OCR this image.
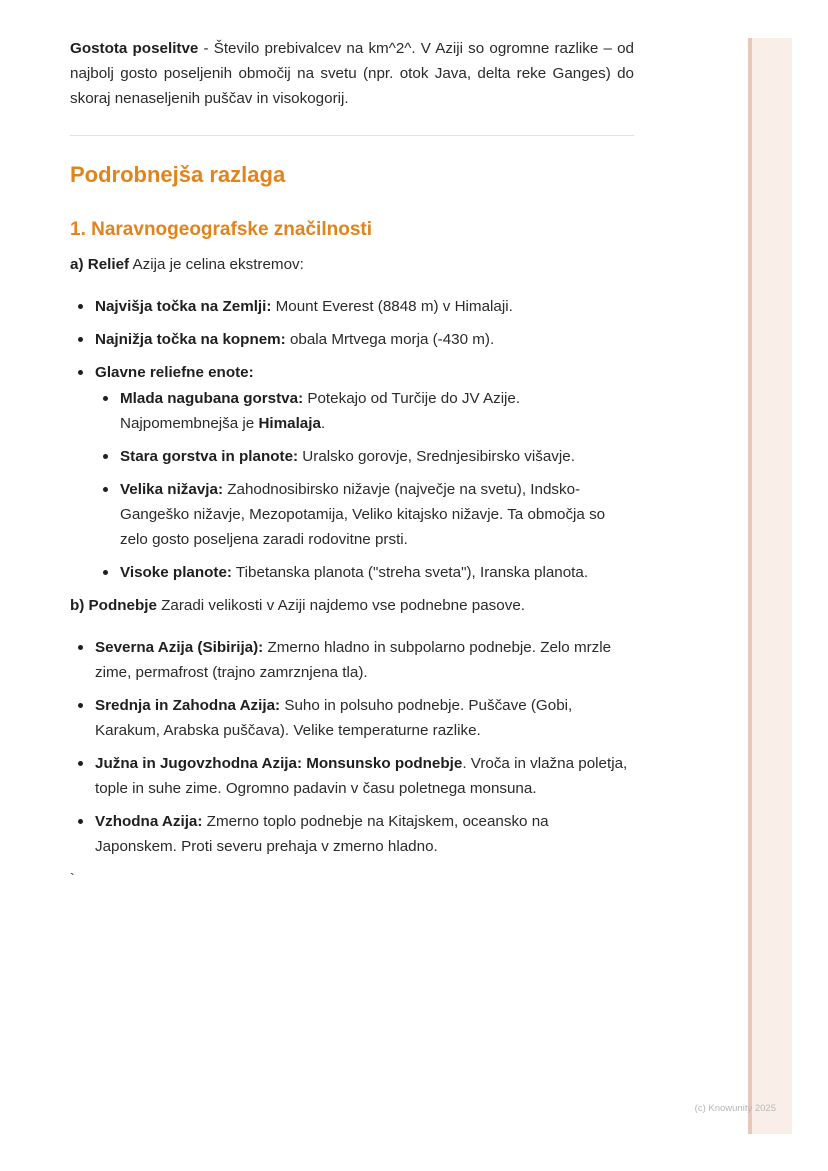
Gostota poselitve - Število prebivalcev na km^2^. V Aziji so ogromne razlike – od najbolj gosto poseljenih območij na svetu (npr. otok Java, delta reke Ganges) do skoraj nenaseljenih puščav in visokogorij.

Podrobnejša razlaga
1. Naravnogeografske značilnosti

a) Relief Azija je celina ekstremov:

Najvišja točka na Zemlji: Mount Everest (8848 m) v Himalaji.
Najnižja točka na kopnem: obala Mrtvega morja (-430 m).
Glavne reliefne enote:
Mlada nagubana gorstva: Potekajo od Turčije do JV Azije. Najpomembnejša je Himalaja.
Stara gorstva in planote: Uralsko gorovje, Srednjesibirsko višavje.
Velika nižavja: Zahodnosibirsko nižavje (največje na svetu), Indsko-Gangeško nižavje, Mezopotamija, Veliko kitajsko nižavje. Ta območja so zelo gosto poseljena zaradi rodovitne prsti.
Visoke planote: Tibetanska planota ("streha sveta"), Iranska planota.

b) Podnebje Zaradi velikosti v Aziji najdemo vse podnebne pasove.

Severna Azija (Sibirija): Zmerno hladno in subpolarno podnebje. Zelo mrzle zime, permafrost (trajno zamrznjena tla).
Srednja in Zahodna Azija: Suho in polsuho podnebje. Puščave (Gobi, Karakum, Arabska puščava). Velike temperaturne razlike.
Južna in Jugovzhodna Azija: Monsunsko podnebje. Vroča in vlažna poletja, tople in suhe zime. Ogromno padavin v času poletnega monsuna.
Vzhodna Azija: Zmerno toplo podnebje na Kitajskem, oceansko na Japonskem. Proti severu prehaja v zmerno hladno.

`

(c) Knowunity 2025
